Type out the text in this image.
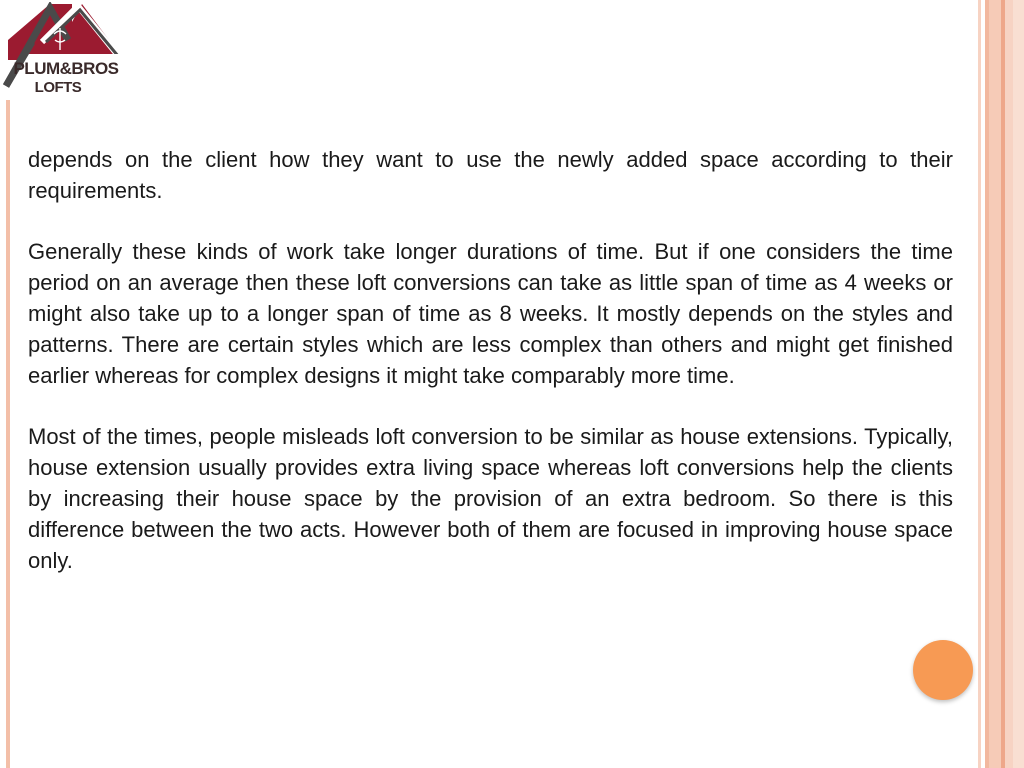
PLUM&BROS
LOFTS

depends on the client how they want to use the newly added space according to their requirements.

Generally these kinds of work take longer durations of time. But if one considers the time period on an average then these loft conversions can take as little span of time as 4 weeks or might also take up to a longer span of time as 8 weeks. It mostly depends on the styles and patterns. There are certain styles which are less complex than others and might get finished earlier whereas for complex designs it might take comparably more time.

Most of the times, people misleads loft conversion to be similar as house extensions. Typically, house extension usually provides extra living space whereas loft conversions help the clients by increasing their house space by the provision of an extra bedroom. So there is this difference between the two acts. However both of them are focused in improving house space only.
